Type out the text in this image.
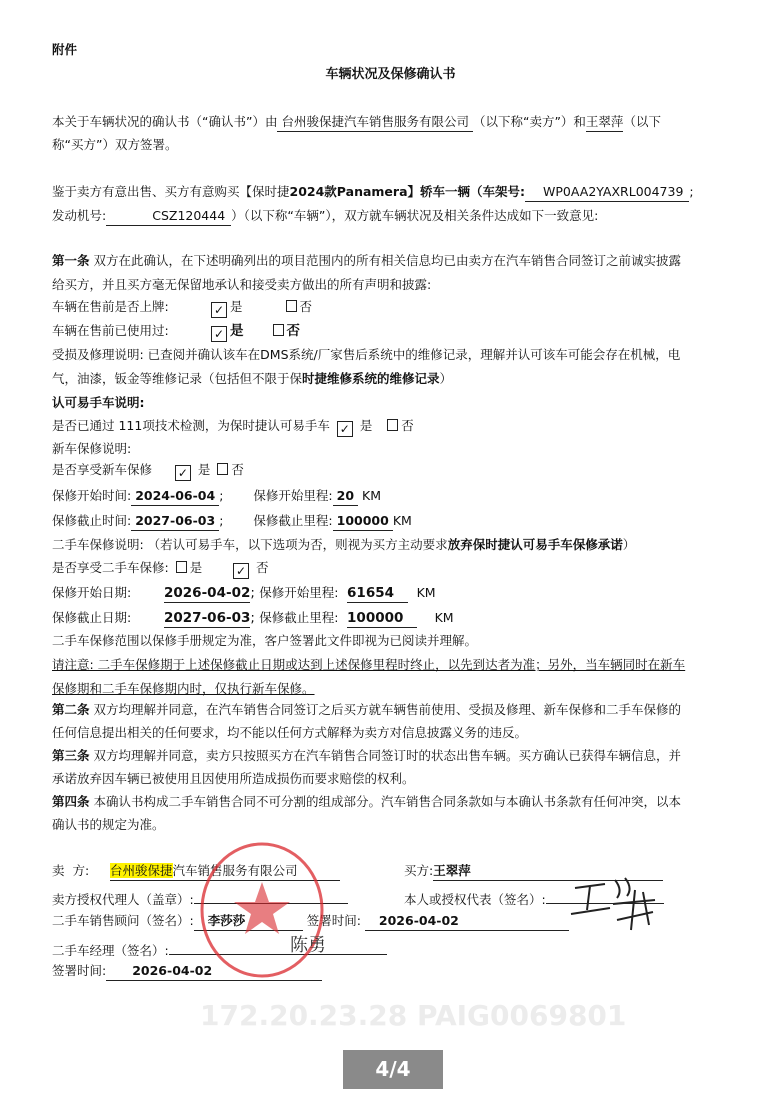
172.20.23.28 PAIG0069801
附件
车辆状况及保修确认书
本关于车辆状况的确认书（“确认书”）由 台州骏保捷汽车销售服务有限公司 （以下称“卖方”）和王翠萍（以下
称“买方”）双方签署。
鉴于卖方有意出售、买方有意购买【保时捷2024款Panamera】轿车一辆（车架号: WP0AA2YAXRL004739 ;
发动机号:	CSZ120444 ）（以下称“车辆”），双方就车辆状况及相关条件达成如下一致意见:
第一条 双方在此确认，在下述明确列出的项目范围内的所有相关信息均已由卖方在汽车销售合同签订之前诚实披露
给买方，并且买方毫无保留地承认和接受卖方做出的所有声明和披露:
车辆在售前是否上牌:	✓ 是	否
车辆在售前已使用过:	✓ 是	否
受损及修理说明: 已查阅并确认该车在DMS系统/厂家售后系统中的维修记录，理解并认可该车可能会存在机械，电
气，油漆，钣金等维修记录（包括但不限于保时捷维修系统的维修记录）
认可易手车说明:
是否已通过 111项技术检测，为保时捷认可易手车 ✓ 是 否
新车保修说明:
是否享受新车保修 ✓ 是 否
保修开始时间: 2024-06-04 ; 保修开始里程: 20 KM
保修截止时间: 2027-06-03 ; 保修截止里程: 100000 KM
二手车保修说明: （若认可易手车，以下选项为否，则视为买方主动要求放弃保时捷认可易手车保修承诺）
是否享受二手车保修: 是	✓ 否
保修开始日期: 2026-04-02; 保修开始里程: 61654 KM
保修截止日期: 2027-06-03; 保修截止里程: 100000 KM
二手车保修范围以保修手册规定为准，客户签署此文件即视为已阅读并理解。
请注意: 二手车保修期于上述保修截止日期或达到上述保修里程时终止，以先到达者为准；另外，当车辆同时在新车
保修期和二手车保修期内时，仅执行新车保修。
第二条 双方均理解并同意，在汽车销售合同签订之后买方就车辆售前使用、受损及修理、新车保修和二手车保修的
任何信息提出相关的任何要求，均不能以任何方式解释为卖方对信息披露义务的违反。
第三条 双方均理解并同意，卖方只按照买方在汽车销售合同签订时的状态出售车辆。买方确认已获得车辆信息，并
承诺放弃因车辆已被使用且因使用所造成损伤而要求赔偿的权利。
第四条 本确认书构成二手车销售合同不可分割的组成部分。汽车销售合同条款如与本确认书条款有任何冲突，以本
确认书的规定为准。
卖  方: 台州骏保捷汽车销售服务有限公司	买方:王翠萍
卖方授权代理人（盖章）:	本人或授权代表（签名）:
二手车销售顾问（签名）: 李莎莎	签署时间: 2026-04-02
二手车经理（签名）:
签署时间: 2026-04-02
陈勇
4/4
